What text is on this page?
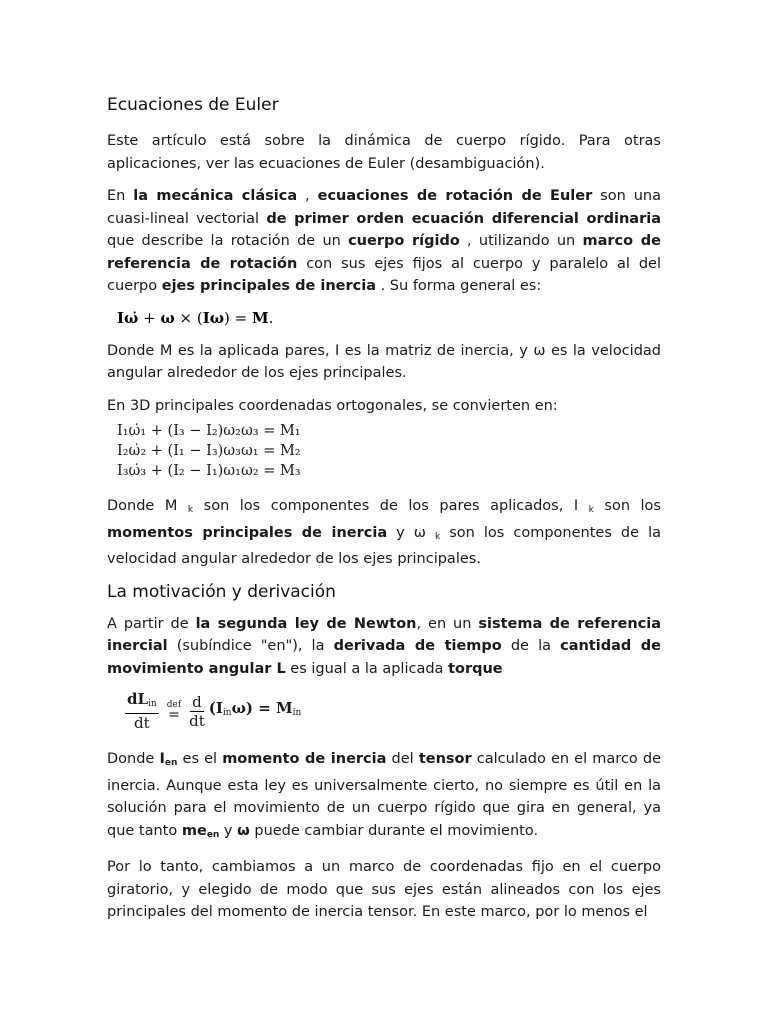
Ecuaciones de Euler

Este artículo está sobre la dinámica de cuerpo rígido. Para otras aplicaciones, ver las ecuaciones de Euler (desambiguación).

En la mecánica clásica , ecuaciones de rotación de Euler son una cuasi-lineal vectorial de primer orden ecuación diferencial ordinaria que describe la rotación de un cuerpo rígido , utilizando un marco de referencia de rotación con sus ejes fijos al cuerpo y paralelo al del cuerpo ejes principales de inercia . Su forma general es:

Iω̇ + ω × (Iω) = M.

Donde M es la aplicada pares, I es la matriz de inercia, y ω es la velocidad angular alrededor de los ejes principales.

En 3D principales coordenadas ortogonales, se convierten en:

I₁ω̇₁ + (I₃ − I₂)ω₂ω₃ = M₁
I₂ω̇₂ + (I₁ − I₃)ω₃ω₁ = M₂
I₃ω̇₃ + (I₂ − I₁)ω₁ω₂ = M₃

Donde M $_k$ son los componentes de los pares aplicados, I $_k$ son los momentos principales de inercia y ω $_k$ son los componentes de la velocidad angular alrededor de los ejes principales.

La motivación y derivación

A partir de la segunda ley de Newton, en un sistema de referencia inercial (subíndice "en"), la derivada de tiempo de la cantidad de movimiento angular L es igual a la aplicada torque

$\frac{dL_{in}}{dt}$ def
= $\frac{d}{dt} (I_{in}\omega) = M_{in}$

Donde $I_{en}$ es el momento de inercia del tensor calculado en el marco de inercia. Aunque esta ley es universalmente cierto, no siempre es útil en la solución para el movimiento de un cuerpo rígido que gira en general, ya que tanto $me_{en}$ y ω puede cambiar durante el movimiento.

Por lo tanto, cambiamos a un marco de coordenadas fijo en el cuerpo giratorio, y elegido de modo que sus ejes están alineados con los ejes principales del momento de inercia tensor. En este marco, por lo menos el
